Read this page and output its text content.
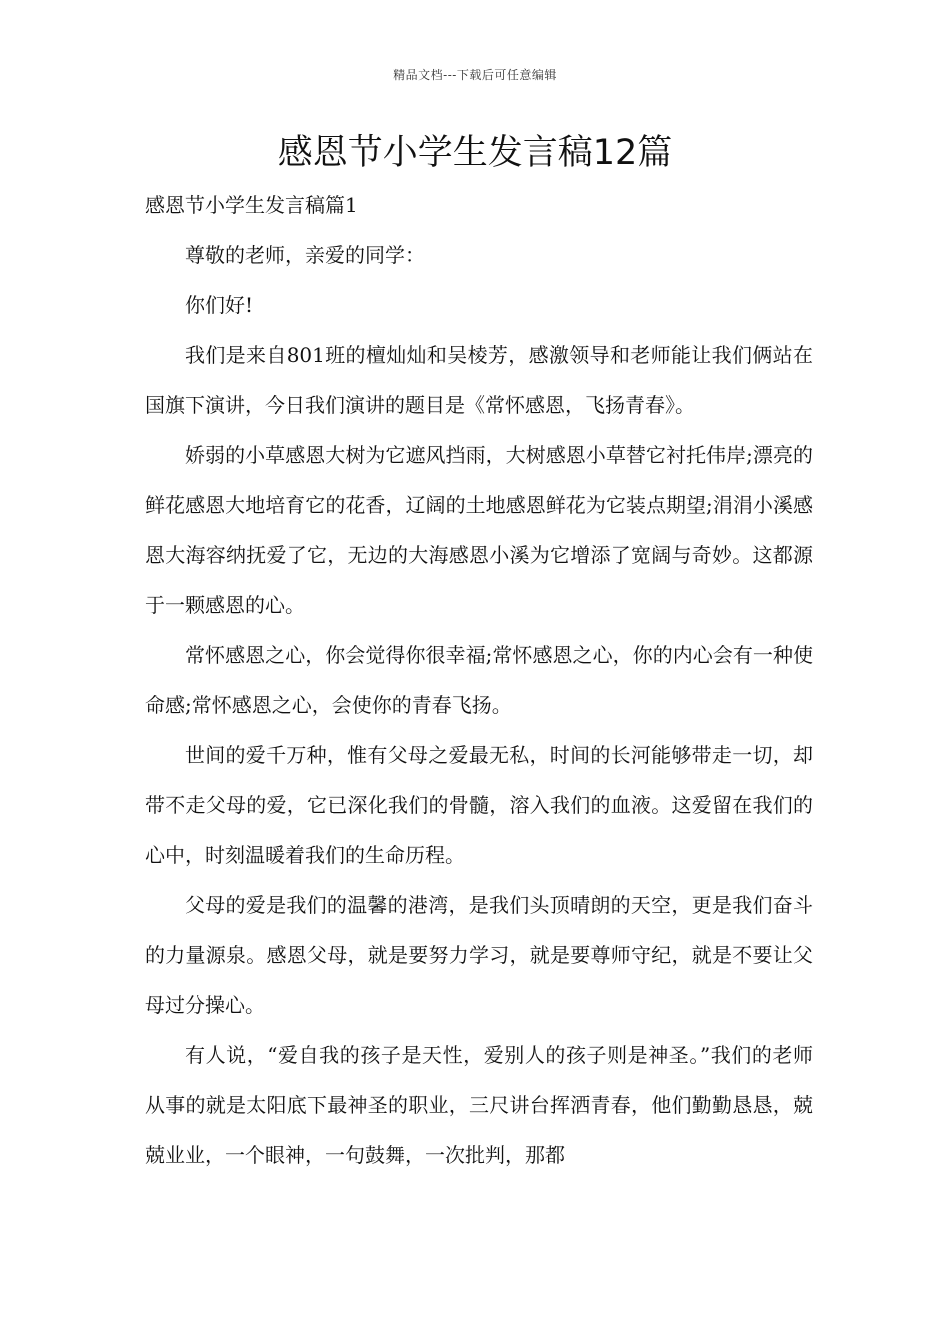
精品文档---下载后可任意编辑
感恩节小学生发言稿12篇

感恩节小学生发言稿篇1

尊敬的老师，亲爱的同学：

你们好!

我们是来自801班的檀灿灿和吴棱芳，感激领导和老师能让我们俩站在国旗下演讲，今日我们演讲的题目是《常怀感恩，飞扬青春》。

娇弱的小草感恩大树为它遮风挡雨，大树感恩小草替它衬托伟岸;漂亮的鲜花感恩大地培育它的花香，辽阔的土地感恩鲜花为它装点期望;涓涓小溪感恩大海容纳抚爱了它，无边的大海感恩小溪为它增添了宽阔与奇妙。这都源于一颗感恩的心。

常怀感恩之心，你会觉得你很幸福;常怀感恩之心，你的内心会有一种使命感;常怀感恩之心，会使你的青春飞扬。

世间的爱千万种，惟有父母之爱最无私，时间的长河能够带走一切，却带不走父母的爱，它已深化我们的骨髓，溶入我们的血液。这爱留在我们的心中，时刻温暖着我们的生命历程。

父母的爱是我们的温馨的港湾，是我们头顶晴朗的天空，更是我们奋斗的力量源泉。感恩父母，就是要努力学习，就是要尊师守纪，就是不要让父母过分操心。

有人说，“爱自我的孩子是天性，爱别人的孩子则是神圣。”我们的老师从事的就是太阳底下最神圣的职业，三尺讲台挥洒青春，他们勤勤恳恳，兢兢业业，一个眼神，一句鼓舞，一次批判，那都
